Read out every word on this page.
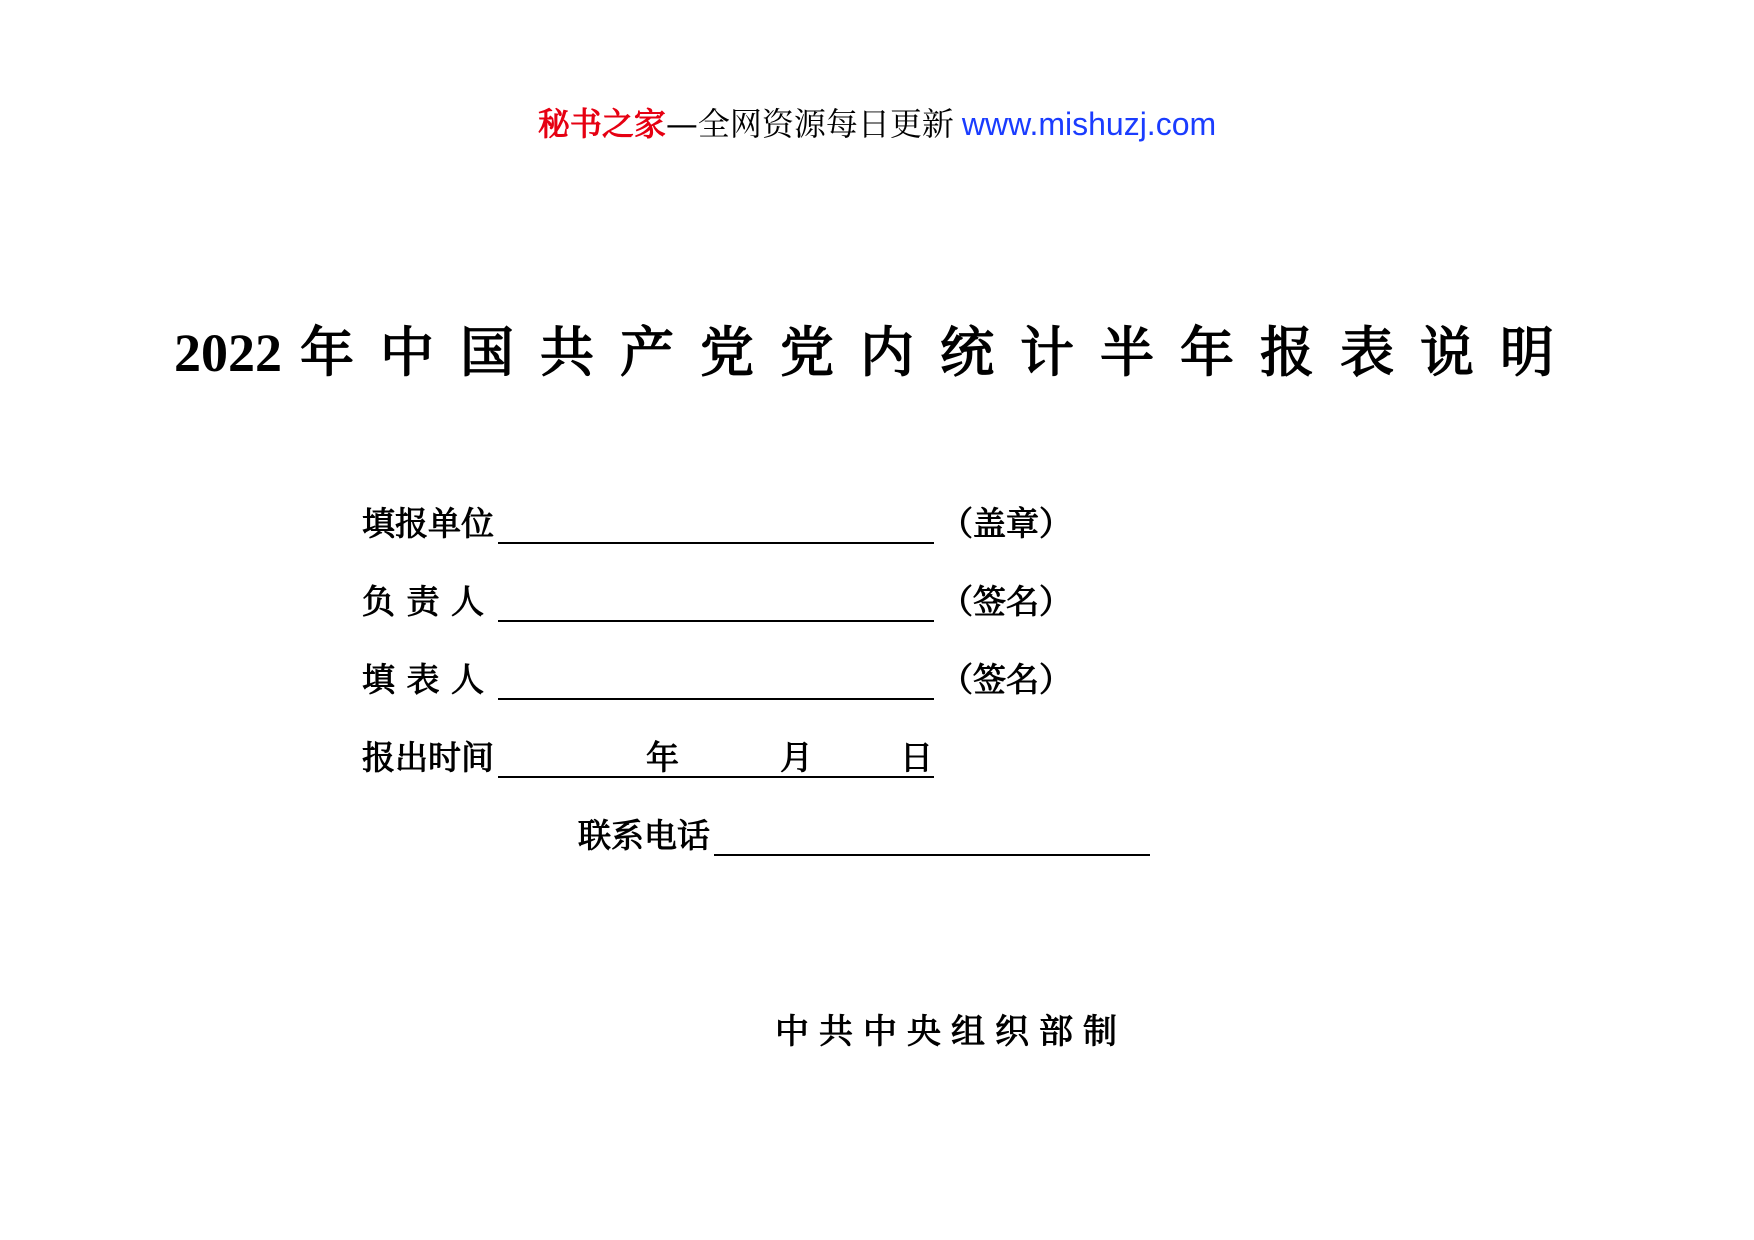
秘书之家—全网资源每日更新 www.mishuzj.com
2022 年中国共产党党内统计半年报表说明
填报单位	（盖章）
负 责 人	（签名）
填 表 人	（签名）
报出时间	年	月	日
联系电话
中共中央组织部制
